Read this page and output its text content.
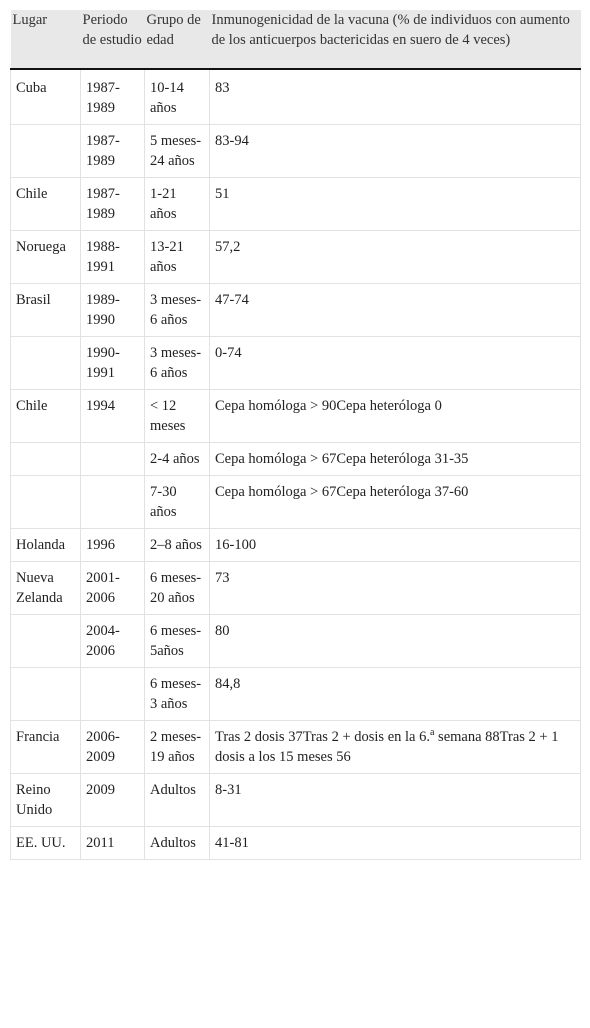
Lugar	Periodo de estudio	Grupo de edad	Inmunogenicidad de la vacuna (% de individuos con aumento de los anticuerpos bactericidas en suero de 4 veces)
Cuba	1987-1989	10-14 años	83
	1987-1989	5 meses-24 años	83-94
Chile	1987-1989	1-21 años	51
Noruega	1988-1991	13-21 años	57,2
Brasil	1989-1990	3 meses-6 años	47-74
	1990-1991	3 meses-6 años	0-74
Chile	1994	< 12 meses	Cepa homóloga > 90Cepa heteróloga 0
		2-4 años	Cepa homóloga > 67Cepa heteróloga 31-35
		7-30 años	Cepa homóloga > 67Cepa heteróloga 37-60
Holanda	1996	2–8 años	16-100
Nueva Zelanda	2001-2006	6 meses-20 años	73
	2004-2006	6 meses-5años	80
		6 meses-3 años	84,8
Francia	2006-2009	2 meses-19 años	Tras 2 dosis 37Tras 2 + dosis en la 6.$^a$ semana 88Tras 2 + 1 dosis a los 15 meses 56
Reino Unido	2009	Adultos	8-31
EE. UU.	2011	Adultos	41-81
